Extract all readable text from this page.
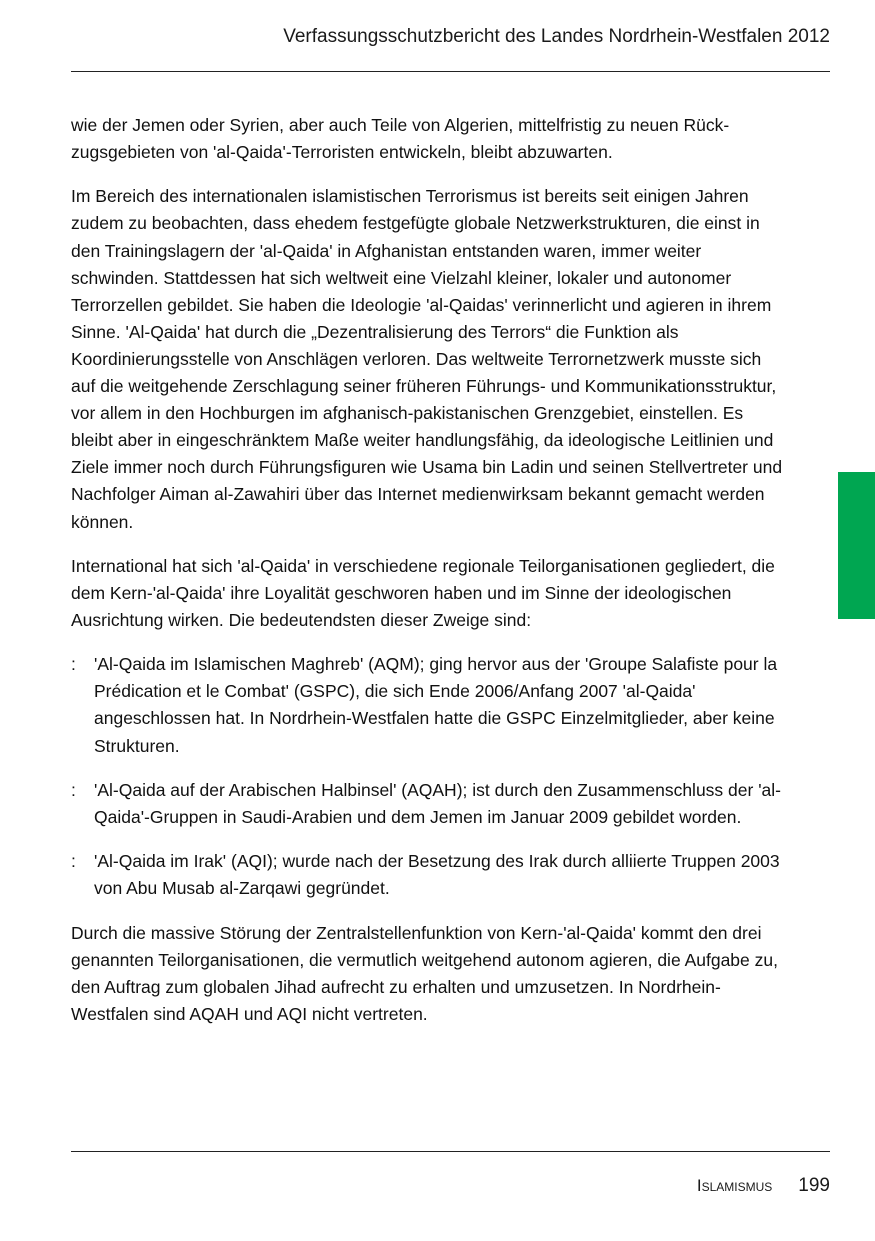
Verfassungsschutzbericht des Landes Nordrhein-Westfalen 2012

wie der Jemen oder Syrien, aber auch Teile von Algerien, mittelfristig zu neuen Rückzugsgebieten von 'al-Qaida'-Terroristen entwickeln, bleibt abzuwarten.

Im Bereich des internationalen islamistischen Terrorismus ist bereits seit einigen Jahren zudem zu beobachten, dass ehedem festgefügte globale Netzwerkstrukturen, die einst in den Trainingslagern der 'al-Qaida' in Afghanistan entstanden waren, immer weiter schwinden. Stattdessen hat sich weltweit eine Vielzahl kleiner, lokaler und autonomer Terrorzellen gebildet. Sie haben die Ideologie 'al-Qaidas' verinnerlicht und agieren in ihrem Sinne. 'Al-Qaida' hat durch die „Dezentralisierung des Terrors“ die Funktion als Koordinierungsstelle von Anschlägen verloren. Das weltweite Terrornetzwerk musste sich auf die weitgehende Zerschlagung seiner früheren Führungs- und Kommunikationsstruktur, vor allem in den Hochburgen im afghanisch-pakistanischen Grenzgebiet, einstellen. Es bleibt aber in eingeschränktem Maße weiter handlungsfähig, da ideologische Leitlinien und Ziele immer noch durch Führungsfiguren wie Usama bin Ladin und seinen Stellvertreter und Nachfolger Aiman al-Zawahiri über das Internet medienwirksam bekannt gemacht werden können.

International hat sich 'al-Qaida' in verschiedene regionale Teilorganisationen gegliedert, die dem Kern-'al-Qaida' ihre Loyalität geschworen haben und im Sinne der ideologischen Ausrichtung wirken. Die bedeutendsten dieser Zweige sind:

:	'Al-Qaida im Islamischen Maghreb' (AQM); ging hervor aus der 'Groupe Salafiste pour la Prédication et le Combat' (GSPC), die sich Ende 2006/Anfang 2007 'al-Qaida' angeschlossen hat. In Nordrhein-Westfalen hatte die GSPC Einzelmitglieder, aber keine Strukturen.
:	'Al-Qaida auf der Arabischen Halbinsel' (AQAH); ist durch den Zusammenschluss der 'al-Qaida'-Gruppen in Saudi-Arabien und dem Jemen im Januar 2009 gebildet worden.
:	'Al-Qaida im Irak' (AQI); wurde nach der Besetzung des Irak durch alliierte Truppen 2003 von Abu Musab al-Zarqawi gegründet.

Durch die massive Störung der Zentralstellenfunktion von Kern-'al-Qaida' kommt den drei genannten Teilorganisationen, die vermutlich weitgehend autonom agieren, die Aufgabe zu, den Auftrag zum globalen Jihad aufrecht zu erhalten und umzusetzen. In Nordrhein-Westfalen sind AQAH und AQI nicht vertreten.

Islamismus 199
